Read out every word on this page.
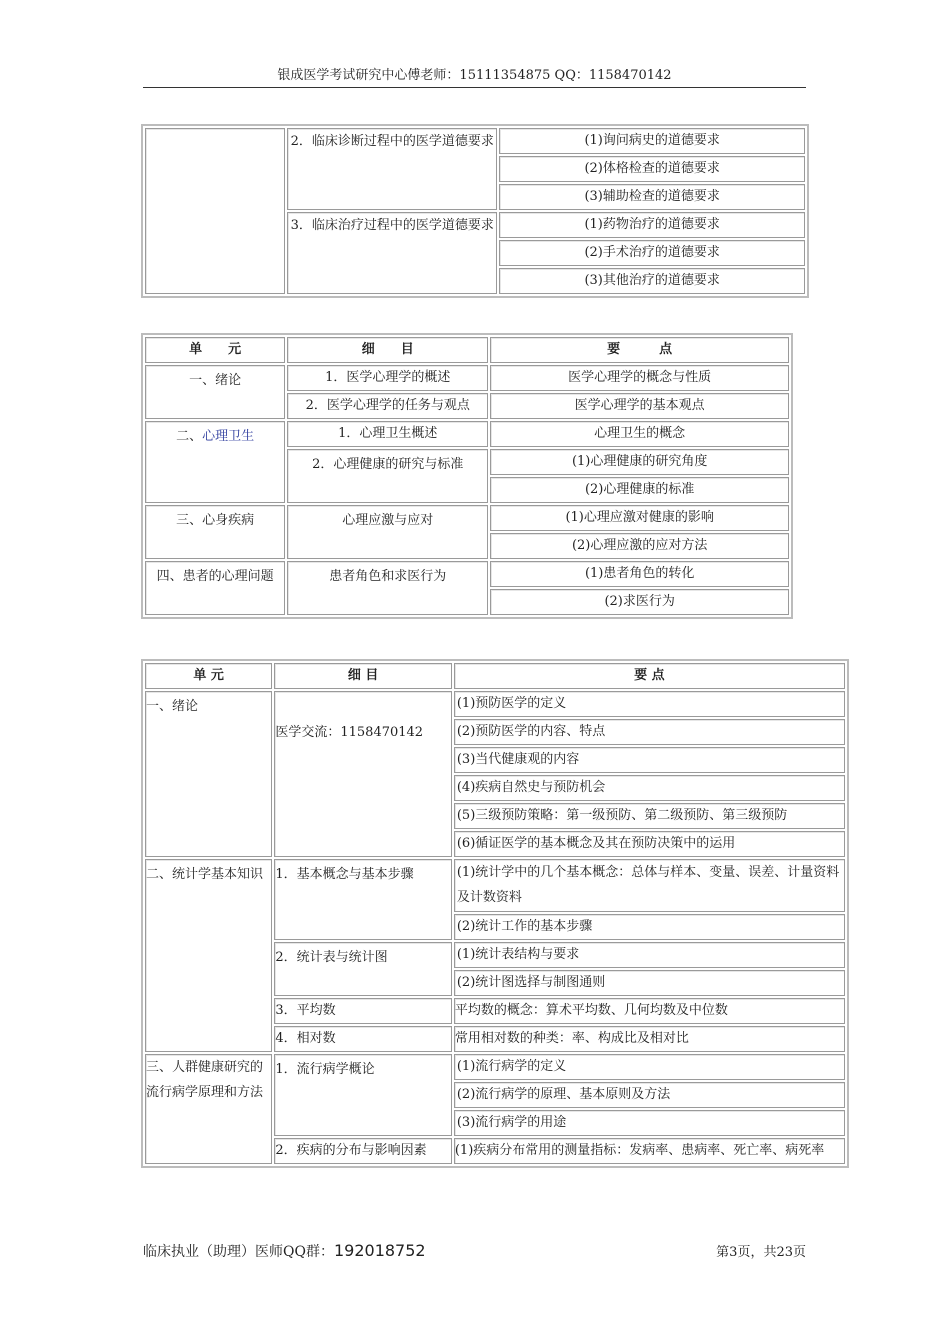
银成医学考试研究中心傅老师：15111354875 QQ：1158470142
	2．临床诊断过程中的医学道德要求	(1)询问病史的道德要求
		(2)体格检查的道德要求
		(3)辅助检查的道德要求
	3．临床治疗过程中的医学道德要求	(1)药物治疗的道德要求
		(2)手术治疗的道德要求
		(3)其他治疗的道德要求
单　　元	细　　目	要　　　点
一、绪论	1．医学心理学的概述	医学心理学的概念与性质
	2．医学心理学的任务与观点	医学心理学的基本观点
二、心理卫生	1．心理卫生概述	心理卫生的概念
	2．心理健康的研究与标准	(1)心理健康的研究角度
		(2)心理健康的标准
三、心身疾病	心理应激与应对	(1)心理应激对健康的影响
		(2)心理应激的应对方法
四、患者的心理问题	患者角色和求医行为	(1)患者角色的转化
		(2)求医行为
单 元	细 目	要 点
一、绪论	医学交流：1158470142	(1)预防医学的定义
		(2)预防医学的内容、特点
		(3)当代健康观的内容
		(4)疾病自然史与预防机会
		(5)三级预防策略：第一级预防、第二级预防、第三级预防
		(6)循证医学的基本概念及其在预防决策中的运用
二、统计学基本知识	1．基本概念与基本步骤	(1)统计学中的几个基本概念：总体与样本、变量、误差、计量资料及计数资料
		(2)统计工作的基本步骤
	2．统计表与统计图	(1)统计表结构与要求
		(2)统计图选择与制图通则
	3．平均数	平均数的概念：算术平均数、几何均数及中位数
	4．相对数	常用相对数的种类：率、构成比及相对比
三、人群健康研究的流行病学原理和方法	1．流行病学概论	(1)流行病学的定义
		(2)流行病学的原理、基本原则及方法
		(3)流行病学的用途
	2．疾病的分布与影响因素	(1)疾病分布常用的测量指标：发病率、患病率、死亡率、病死率
临床执业（助理）医师QQ群：192018752	第3页，共23页
